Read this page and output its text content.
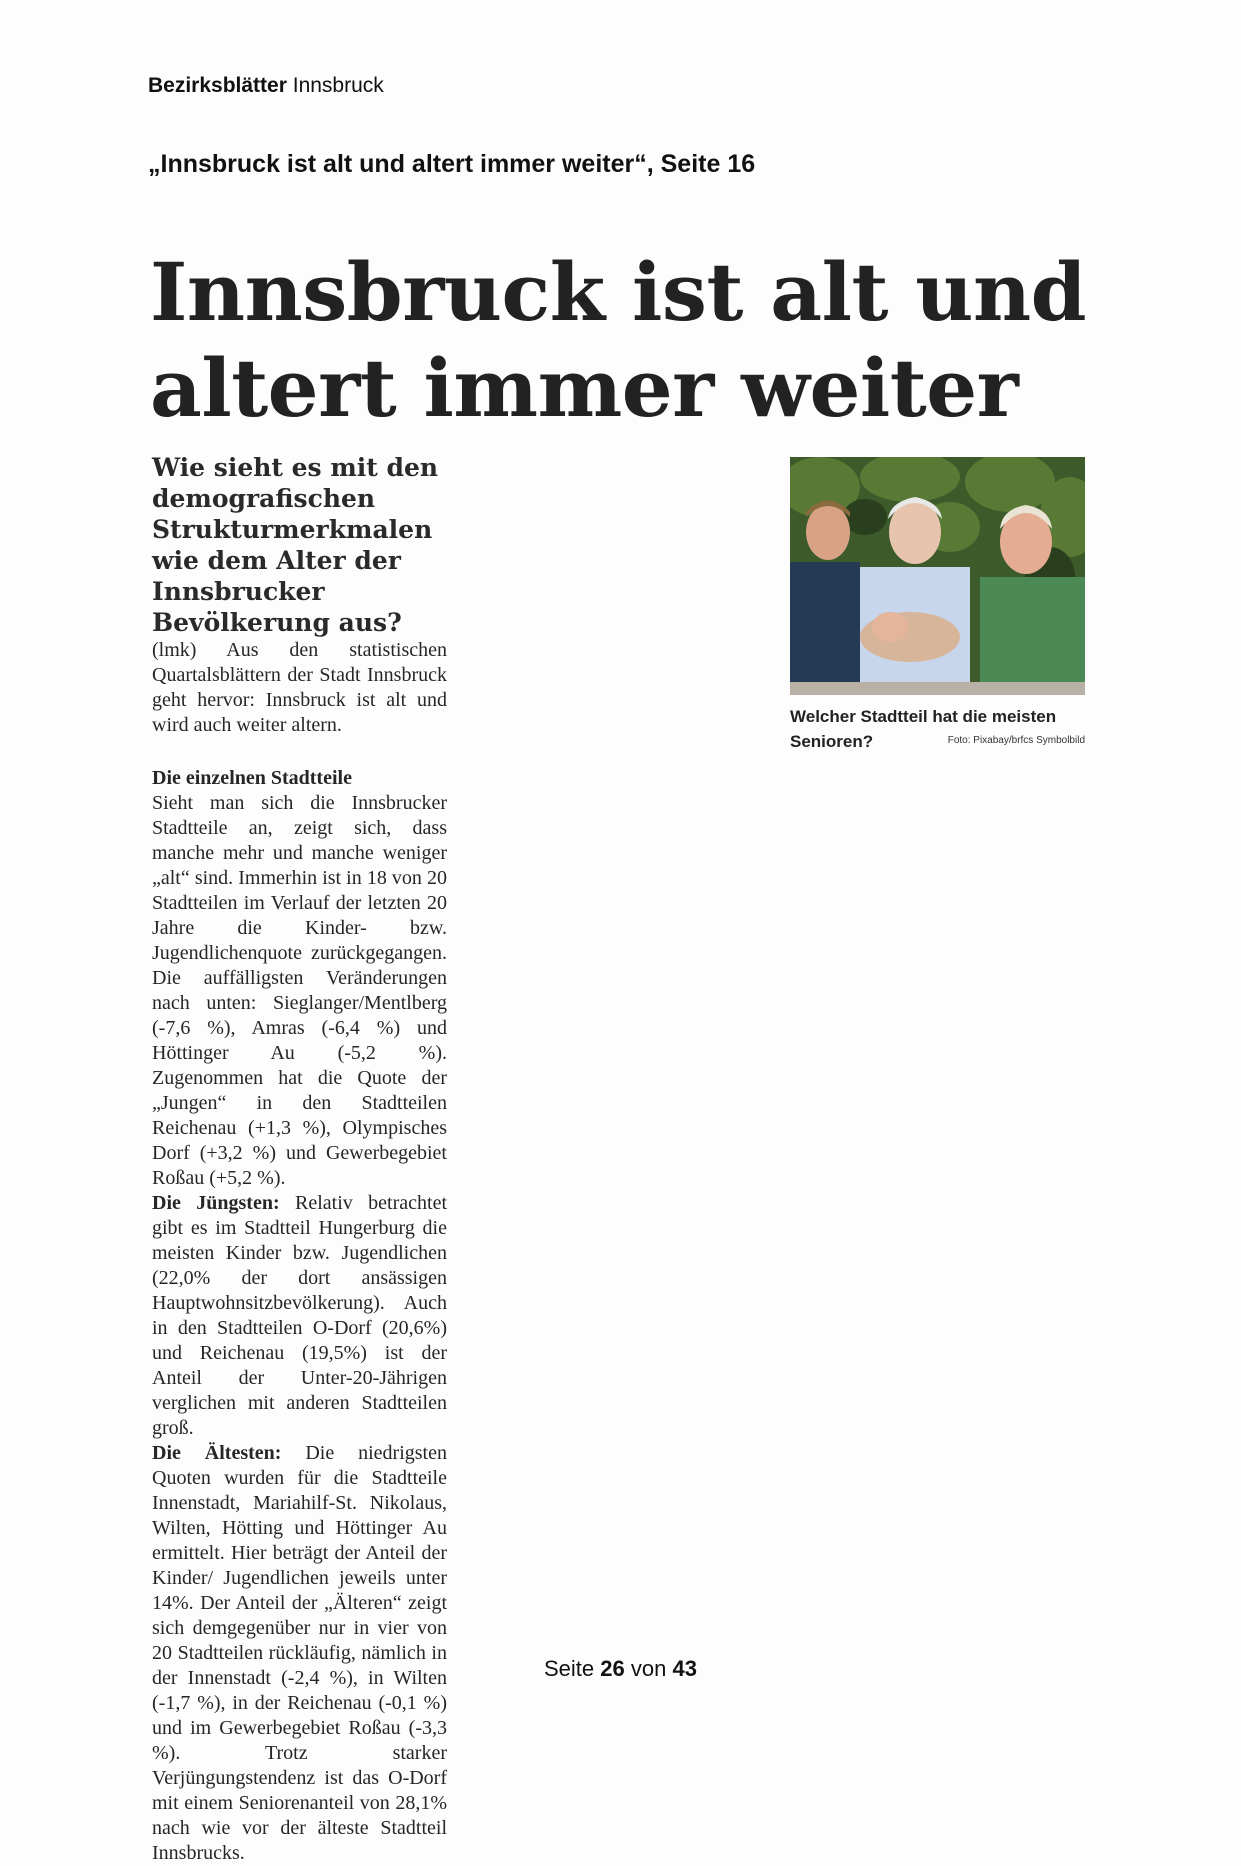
Bezirksblätter Innsbruck
„Innsbruck ist alt und altert immer weiter“, Seite 16
Innsbruck ist alt und
altert immer weiter

Wie sieht es mit den demografischen Strukturmerkmalen wie dem Alter der Innsbrucker Bevölkerung aus?

(lmk) Aus den statistischen Quartalsblättern der Stadt Innsbruck geht hervor: Innsbruck ist alt und wird auch weiter altern.

Die einzelnen Stadtteile

Sieht man sich die Innsbrucker Stadtteile an, zeigt sich, dass manche mehr und manche weniger „alt“ sind. Immerhin ist in 18 von 20 Stadtteilen im Verlauf der letzten 20 Jahre die Kinder- bzw. Jugendlichenquote zurückgegangen. Die auffälligsten Veränderungen nach unten: Sieglanger/Mentlberg (-7,6 %), Amras (-6,4 %) und Höttinger Au (-5,2 %). Zugenommen hat die Quote der „Jungen“ in den Stadtteilen Reichenau (+1,3 %), Olympisches Dorf (+3,2 %) und Gewerbegebiet Roßau (+5,2 %).
Die Jüngsten: Relativ betrachtet gibt es im Stadtteil Hungerburg die meisten Kinder bzw. Jugendlichen (22,0% der dort ansässigen Hauptwohnsitzbevölkerung). Auch in den Stadtteilen O-Dorf (20,6%) und Reichenau (19,5%) ist der Anteil der Unter-20-Jährigen verglichen mit anderen Stadtteilen groß.
Die Ältesten: Die niedrigsten Quoten wurden für die Stadtteile Innenstadt, Mariahilf-St. Nikolaus, Wilten, Hötting und Höttinger Au ermittelt. Hier beträgt der Anteil der Kinder/ Jugendlichen jeweils unter 14%. Der Anteil der „Älteren“ zeigt sich demgegenüber nur in vier von 20 Stadtteilen rückläufig, nämlich in der Innenstadt (-2,4 %), in Wilten (-1,7 %), in der Reichenau (-0,1 %) und im Gewerbegebiet Roßau (-3,3 %). Trotz starker Verjüngungstendenz ist das O-Dorf mit einem Seniorenanteil von 28,1% nach wie vor der älteste Stadtteil Innsbrucks.

Welcher Stadtteil hat die meisten Senioren?	Foto: Pixabay/brfcs Symbolbild
Seite 26 von 43
